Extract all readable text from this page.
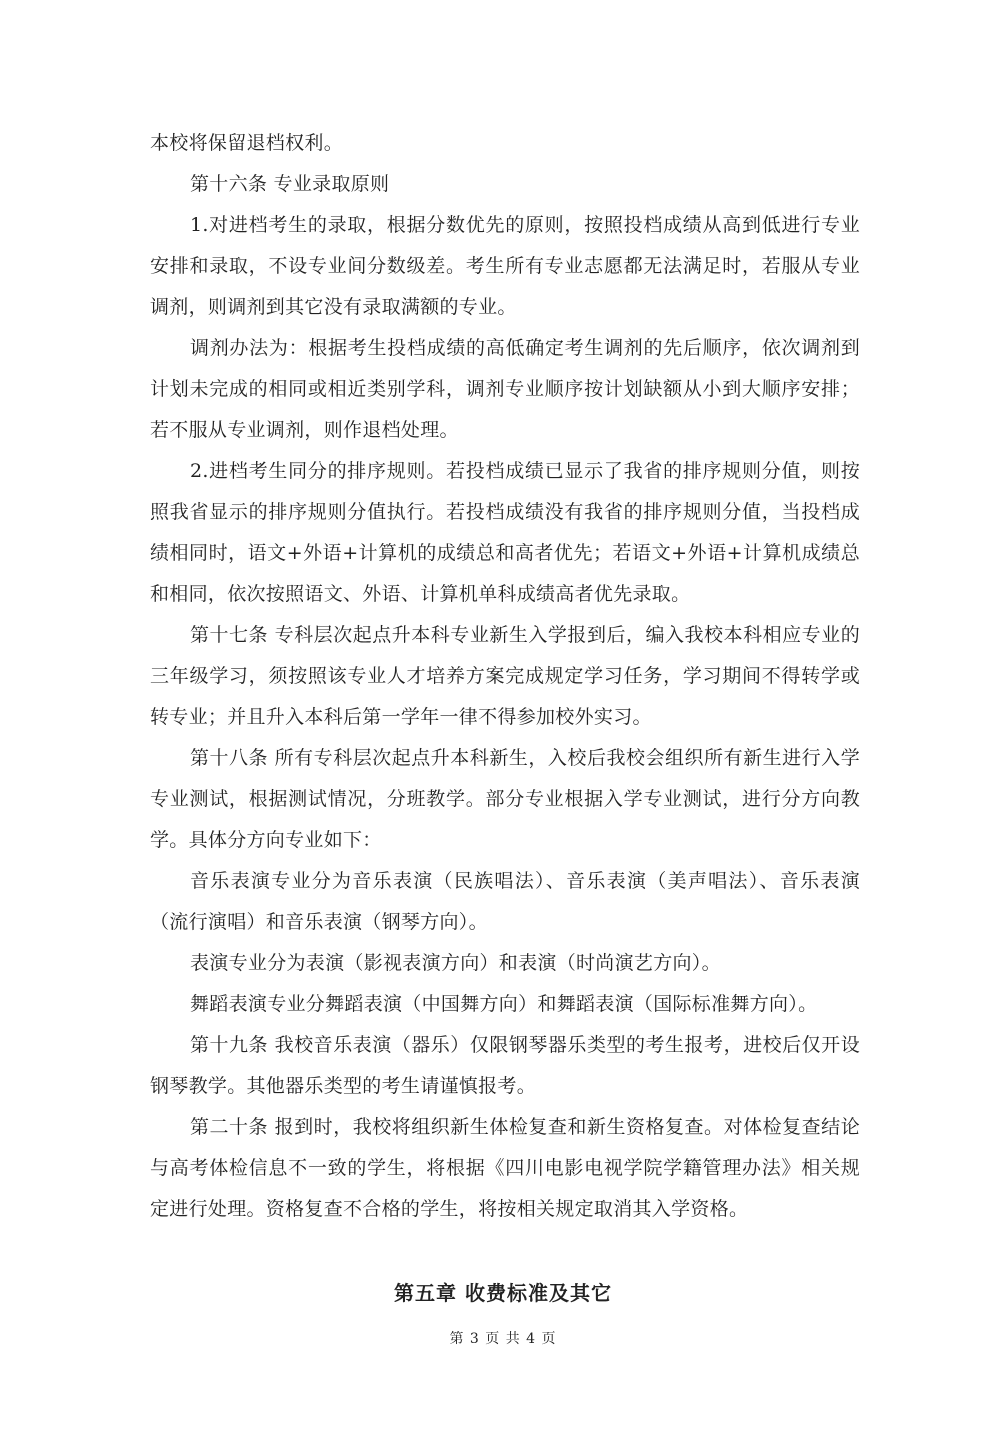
本校将保留退档权利。

第十六条 专业录取原则

1.对进档考生的录取，根据分数优先的原则，按照投档成绩从高到低进行专业安排和录取，不设专业间分数级差。考生所有专业志愿都无法满足时，若服从专业调剂，则调剂到其它没有录取满额的专业。

调剂办法为：根据考生投档成绩的高低确定考生调剂的先后顺序，依次调剂到计划未完成的相同或相近类别学科，调剂专业顺序按计划缺额从小到大顺序安排；若不服从专业调剂，则作退档处理。

2.进档考生同分的排序规则。若投档成绩已显示了我省的排序规则分值，则按照我省显示的排序规则分值执行。若投档成绩没有我省的排序规则分值，当投档成绩相同时，语文+外语+计算机的成绩总和高者优先；若语文+外语+计算机成绩总和相同，依次按照语文、外语、计算机单科成绩高者优先录取。

第十七条 专科层次起点升本科专业新生入学报到后，编入我校本科相应专业的三年级学习，须按照该专业人才培养方案完成规定学习任务，学习期间不得转学或转专业；并且升入本科后第一学年一律不得参加校外实习。

第十八条 所有专科层次起点升本科新生，入校后我校会组织所有新生进行入学专业测试，根据测试情况，分班教学。部分专业根据入学专业测试，进行分方向教学。具体分方向专业如下：

音乐表演专业分为音乐表演（民族唱法）、音乐表演（美声唱法）、音乐表演（流行演唱）和音乐表演（钢琴方向）。

表演专业分为表演（影视表演方向）和表演（时尚演艺方向）。

舞蹈表演专业分舞蹈表演（中国舞方向）和舞蹈表演（国际标准舞方向）。

第十九条 我校音乐表演（器乐）仅限钢琴器乐类型的考生报考，进校后仅开设钢琴教学。其他器乐类型的考生请谨慎报考。

第二十条 报到时，我校将组织新生体检复查和新生资格复查。对体检复查结论与高考体检信息不一致的学生，将根据《四川电影电视学院学籍管理办法》相关规定进行处理。资格复查不合格的学生，将按相关规定取消其入学资格。

第五章 收费标准及其它
第 3 页 共 4 页
